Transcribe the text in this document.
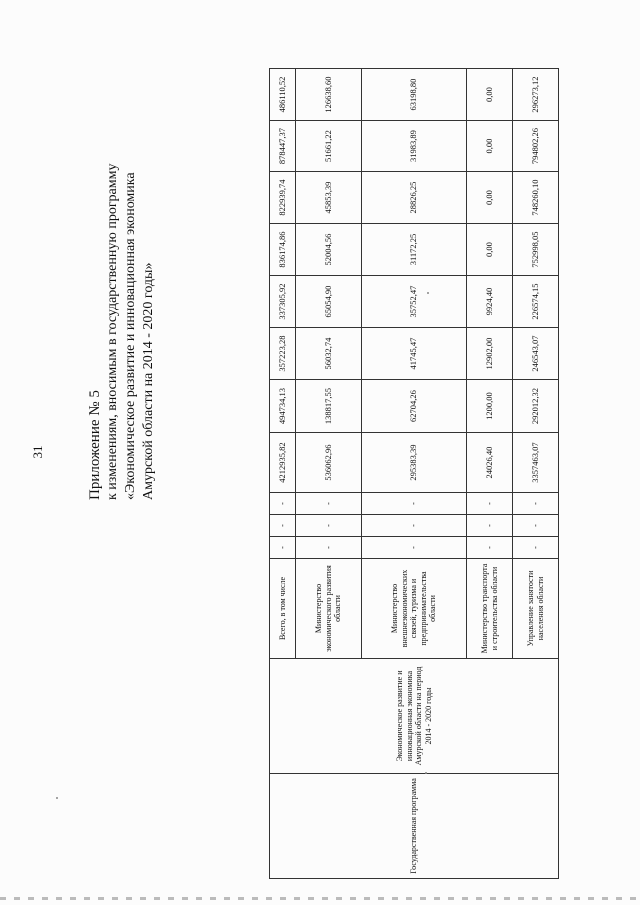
31	Приложение № 5 к изменениям, вносимым в государственную программу «Экономическое развитие и инновационная экономика Амурской области на 2014 - 2020 годы»
Государственная программа	Экономическое развитие и инновационная экономика Амурской области на период 2014 - 2020 годы	Всего, в том числе	-	-	-	4212935,82	494734,13	357223,28	337305,92	836174,86	822939,74	878447,37	486110,52
		Министерство экономического развития области	-	-	-	536062,96	138817,55	56032,74	65054,90	52004,56	45853,39	51661,22	126638,60
		Министерство внешнеэкономических связей, туризма и предпринимательства области	-	-	-	295383,39	62704,26	41745,47	35752,47	31172,25	28826,25	31983,89	63198,80
		Министерство транспорта и строительства области	-	-	-	24026,40	1200,00	12902,00	9924,40	0,00	0,00	0,00	0,00
		Управление занятости населения области	-	-	-	3357463,07	292012,32	246543,07	226574,15	752998,05	748260,10	794802,26	296273,12
